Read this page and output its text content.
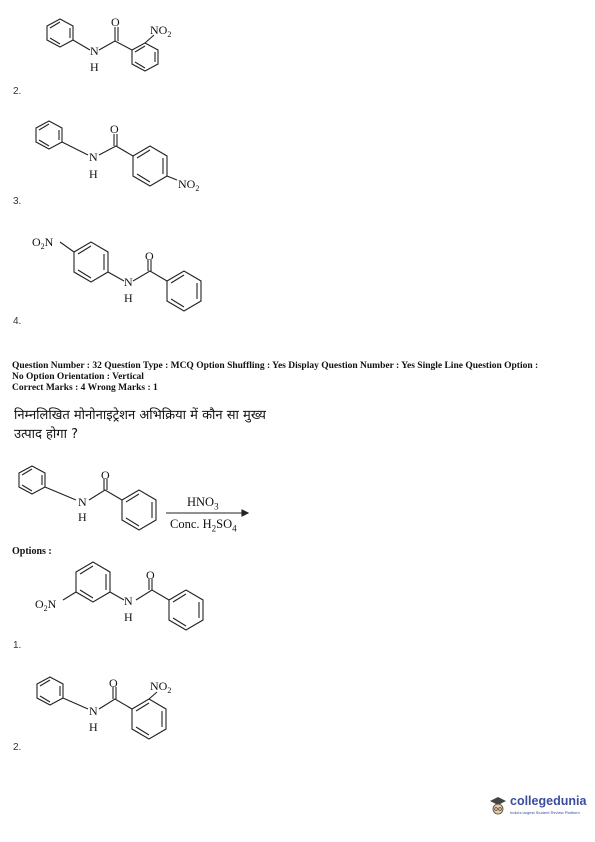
N
H
O
$NO_2$
2.
N
H
O
$NO_2$
3.
$O_2N$
N
H
O
4.
Question Number : 32 Question Type : MCQ Option Shuffling : Yes Display Question Number : Yes Single Line Question Option :
No Option Orientation : Vertical
Correct Marks : 4 Wrong Marks : 1
निम्नलिखित मोनोनाइट्रेशन अभिक्रिया में कौन सा मुख्य
उत्पाद होगा ?
N
H
O
$HNO_3$
Conc. $H_2SO_4$
Options :
$O_2N$	N
H
O
1.
N
H
O	$NO_2$
2.
collegedunia
India's largest Student Review Platform
